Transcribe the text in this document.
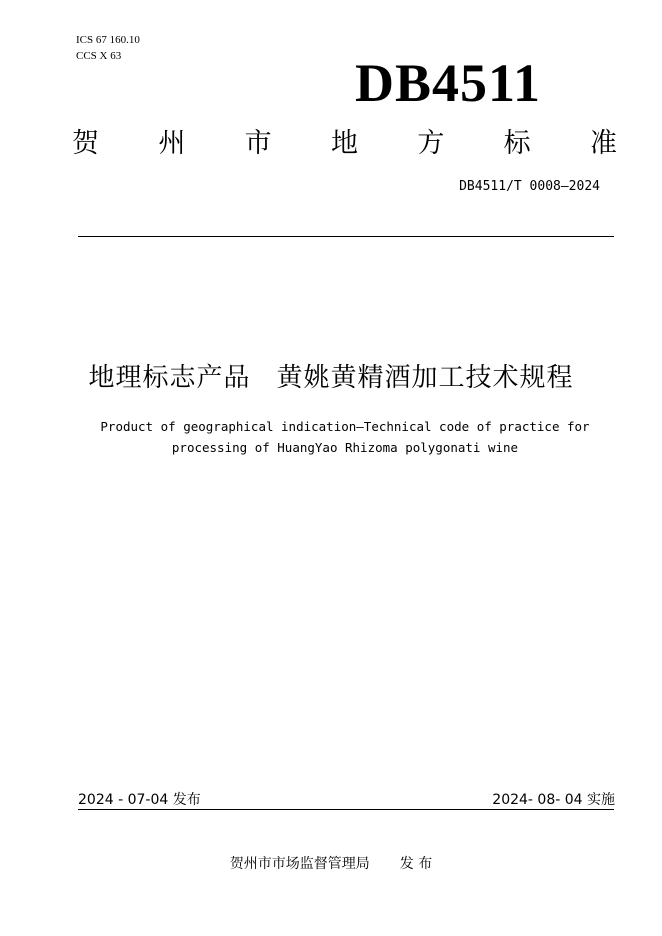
ICS 67 160.10
CCS X 63	DB4511
贺 州 市 地 方 标 准
DB4511/T 0008—2024
地理标志产品 黄姚黄精酒加工技术规程
Product of geographical indication—Technical code of practice for
processing of HuangYao Rhizoma polygonati wine
2024 - 07-04 发布	2024- 08- 04 实施
贺州市市场监督管理局 发 布
